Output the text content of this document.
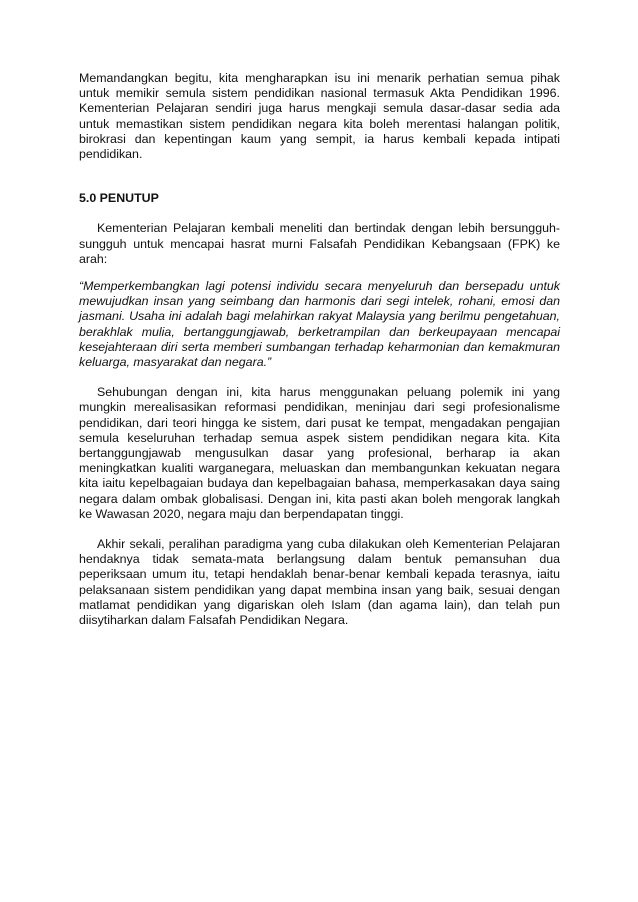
Memandangkan begitu, kita mengharapkan isu ini menarik perhatian semua pihak untuk memikir semula sistem pendidikan nasional termasuk Akta Pendidikan 1996. Kementerian Pelajaran sendiri juga harus mengkaji semula dasar-dasar sedia ada untuk memastikan sistem pendidikan negara kita boleh merentasi halangan politik, birokrasi dan kepentingan kaum yang sempit, ia harus kembali kepada intipati pendidikan.

5.0 PENUTUP

Kementerian Pelajaran kembali meneliti dan bertindak dengan lebih bersungguh-sungguh untuk mencapai hasrat murni Falsafah Pendidikan Kebangsaan (FPK) ke arah:

“Memperkembangkan lagi potensi individu secara menyeluruh dan bersepadu untuk mewujudkan insan yang seimbang dan harmonis dari segi intelek, rohani, emosi dan jasmani. Usaha ini adalah bagi melahirkan rakyat Malaysia yang berilmu pengetahuan, berakhlak mulia, bertanggungjawab, berketrampilan dan berkeupayaan mencapai kesejahteraan diri serta memberi sumbangan terhadap keharmonian dan kemakmuran keluarga, masyarakat dan negara.”

Sehubungan dengan ini, kita harus menggunakan peluang polemik ini yang mungkin merealisasikan reformasi pendidikan, meninjau dari segi profesionalisme pendidikan, dari teori hingga ke sistem, dari pusat ke tempat, mengadakan pengajian semula keseluruhan terhadap semua aspek sistem pendidikan negara kita. Kita bertanggungjawab mengusulkan dasar yang profesional, berharap ia akan meningkatkan kualiti warganegara, meluaskan dan membangunkan kekuatan negara kita iaitu kepelbagaian budaya dan kepelbagaian bahasa, memperkasakan daya saing negara dalam ombak globalisasi. Dengan ini, kita pasti akan boleh mengorak langkah ke Wawasan 2020, negara maju dan berpendapatan tinggi.

Akhir sekali, peralihan paradigma yang cuba dilakukan oleh Kementerian Pelajaran hendaknya tidak semata-mata berlangsung dalam bentuk pemansuhan dua peperiksaan umum itu, tetapi hendaklah benar-benar kembali kepada terasnya, iaitu pelaksanaan sistem pendidikan yang dapat membina insan yang baik, sesuai dengan matlamat pendidikan yang digariskan oleh Islam (dan agama lain), dan telah pun diisytiharkan dalam Falsafah Pendidikan Negara.
